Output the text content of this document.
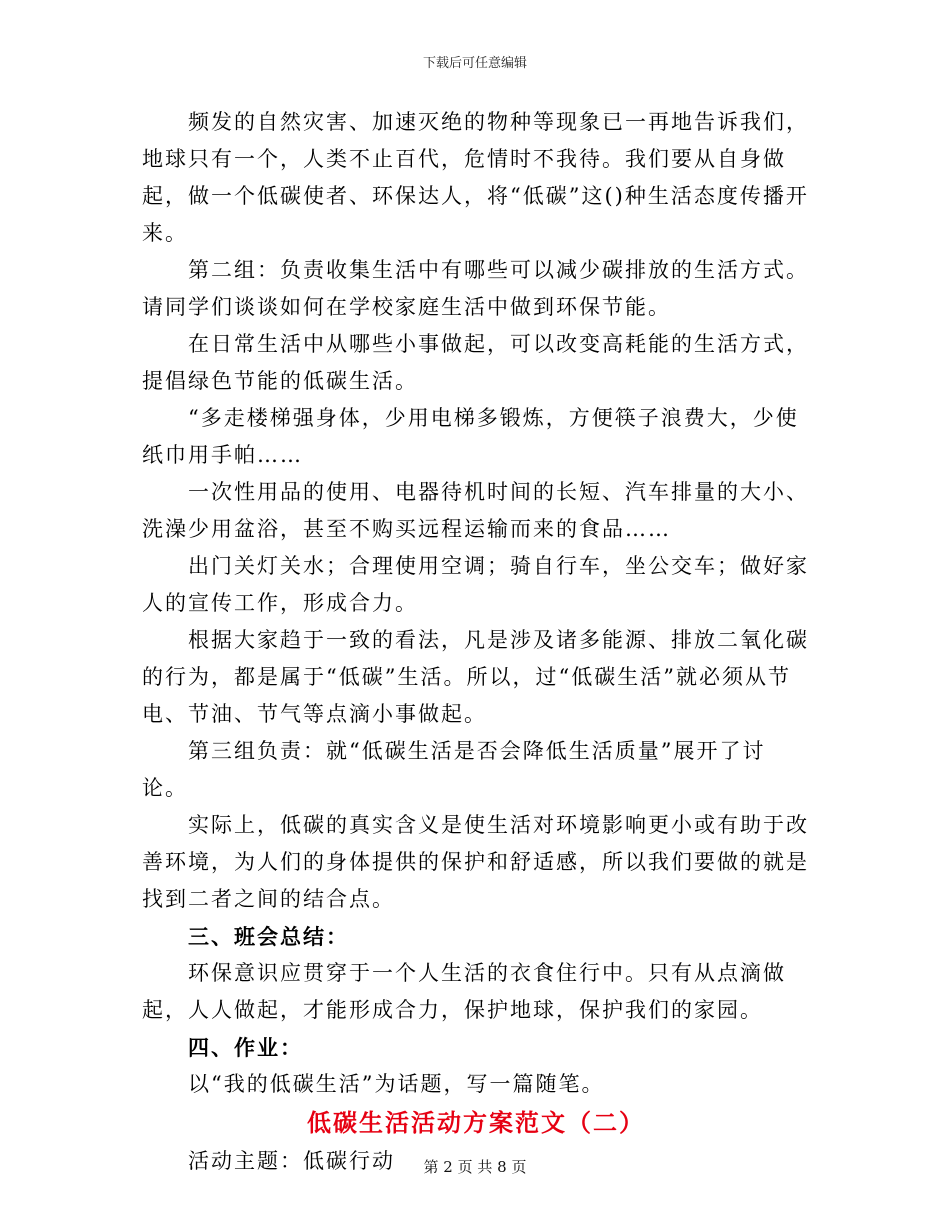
下载后可任意编辑

频发的自然灾害、加速灭绝的物种等现象已一再地告诉我们，地球只有一个，人类不止百代，危情时不我待。我们要从自身做起，做一个低碳使者、环保达人，将“低碳”这()种生活态度传播开来。

第二组：负责收集生活中有哪些可以减少碳排放的生活方式。请同学们谈谈如何在学校家庭生活中做到环保节能。

在日常生活中从哪些小事做起，可以改变高耗能的生活方式，提倡绿色节能的低碳生活。

“多走楼梯强身体，少用电梯多锻炼，方便筷子浪费大，少使纸巾用手帕……

一次性用品的使用、电器待机时间的长短、汽车排量的大小、洗澡少用盆浴，甚至不购买远程运输而来的食品……

出门关灯关水；合理使用空调；骑自行车，坐公交车；做好家人的宣传工作，形成合力。

根据大家趋于一致的看法，凡是涉及诸多能源、排放二氧化碳的行为，都是属于“低碳”生活。所以，过“低碳生活”就必须从节电、节油、节气等点滴小事做起。

第三组负责：就“低碳生活是否会降低生活质量”展开了讨论。

实际上，低碳的真实含义是使生活对环境影响更小或有助于改善环境，为人们的身体提供的保护和舒适感，所以我们要做的就是找到二者之间的结合点。

三、班会总结：

环保意识应贯穿于一个人生活的衣食住行中。只有从点滴做起，人人做起，才能形成合力，保护地球，保护我们的家园。

四、作业：

以“我的低碳生活”为话题，写一篇随笔。

低碳生活活动方案范文（二）

活动主题：低碳行动	第 2 页 共 8 页
